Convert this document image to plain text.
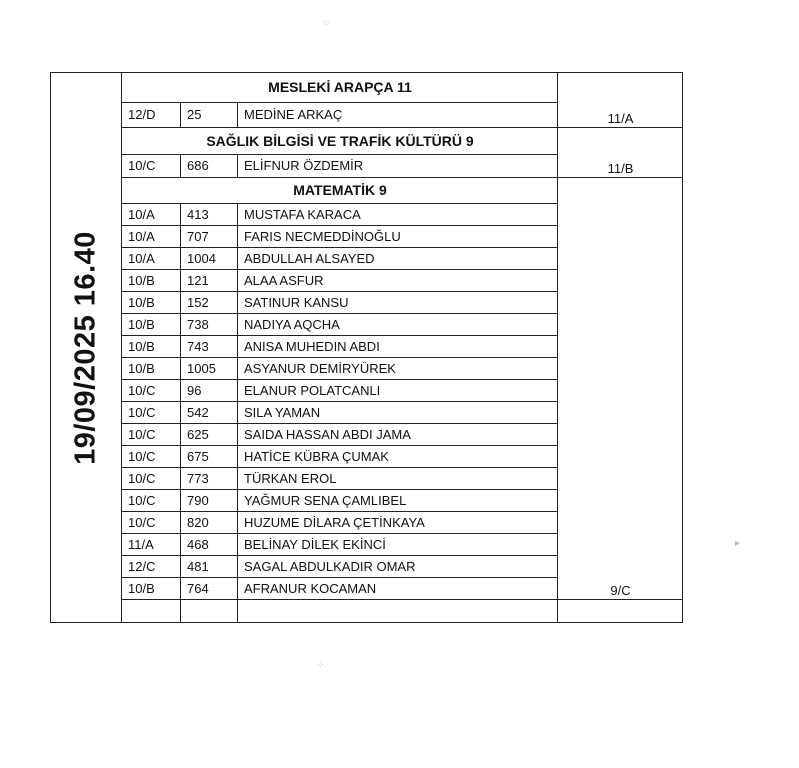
19/09/2025 16.40
MESLEKİ ARAPÇA 11
12/D 25	MEDİNE ARKAÇ	11/A
SAĞLIK BİLGİSİ VE TRAFİK KÜLTÜRÜ 9
10/C 686	ELİFNUR ÖZDEMİR	11/B
MATEMATİK 9
10/A 413	MUSTAFA KARACA
10/A 707	FARIS NECMEDDİNOĞLU
10/A 1004 ABDULLAH ALSAYED
10/B 121	ALAA ASFUR
10/B 152	SATINUR KANSU
10/B 738	NADIYA AQCHA
10/B 743	ANISA MUHEDIN ABDI
10/B 1005 ASYANUR DEMİRYÜREK
10/C 96	ELANUR POLATCANLI
10/C 542	SILA YAMAN
10/C 625	SAIDA HASSAN ABDI JAMA
10/C 675	HATİCE KÜBRA ÇUMAK
10/C 773	TÜRKAN EROL
10/C 790	YAĞMUR SENA ÇAMLIBEL
10/C 820	HUZUME DİLARA ÇETİNKAYA
11/A	468	BELİNAY DİLEK EKİNCİ
12/C 481	SAGAL ABDULKADIR OMAR
10/B 764	AFRANUR KOCAMAN	9/C
⁘
⁘
▸
